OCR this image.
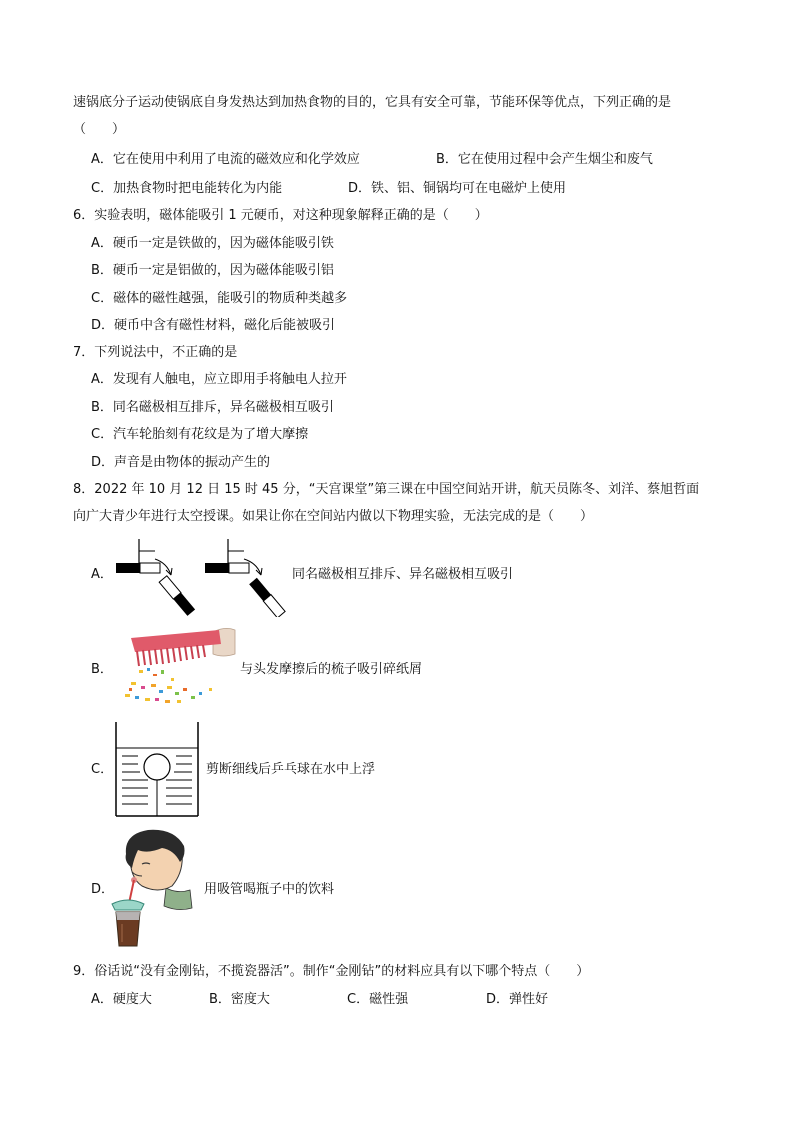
速锅底分子运动使锅底自身发热达到加热食物的目的，它具有安全可靠，节能环保等优点，下列正确的是
（　　）
A．它在使用中利用了电流的磁效应和化学效应	B．它在使用过程中会产生烟尘和废气
C．加热食物时把电能转化为内能	D．铁、铝、铜锅均可在电磁炉上使用
6．实验表明，磁体能吸引 1 元硬币，对这种现象解释正确的是（　　）
A．硬币一定是铁做的，因为磁体能吸引铁
B．硬币一定是铝做的，因为磁体能吸引铝
C．磁体的磁性越强，能吸引的物质种类越多
D．硬币中含有磁性材料，磁化后能被吸引
7．下列说法中，不正确的是
A．发现有人触电，应立即用手将触电人拉开
B．同名磁极相互排斥，异名磁极相互吸引
C．汽车轮胎刻有花纹是为了增大摩擦
D．声音是由物体的振动产生的
8．2022 年 10 月 12 日 15 时 45 分，“天宫课堂”第三课在中国空间站开讲，航天员陈冬、刘洋、蔡旭哲面
向广大青少年进行太空授课。如果让你在空间站内做以下物理实验，无法完成的是（　　）
A．	同名磁极相互排斥、异名磁极相互吸引
B．	与头发摩擦后的梳子吸引碎纸屑
C．	剪断细线后乒乓球在水中上浮
D．	用吸管喝瓶子中的饮料
9．俗话说“没有金刚钻，不揽瓷器活”。制作“金刚钻”的材料应具有以下哪个特点（　　）
A．硬度大	B．密度大	C．磁性强	D．弹性好
